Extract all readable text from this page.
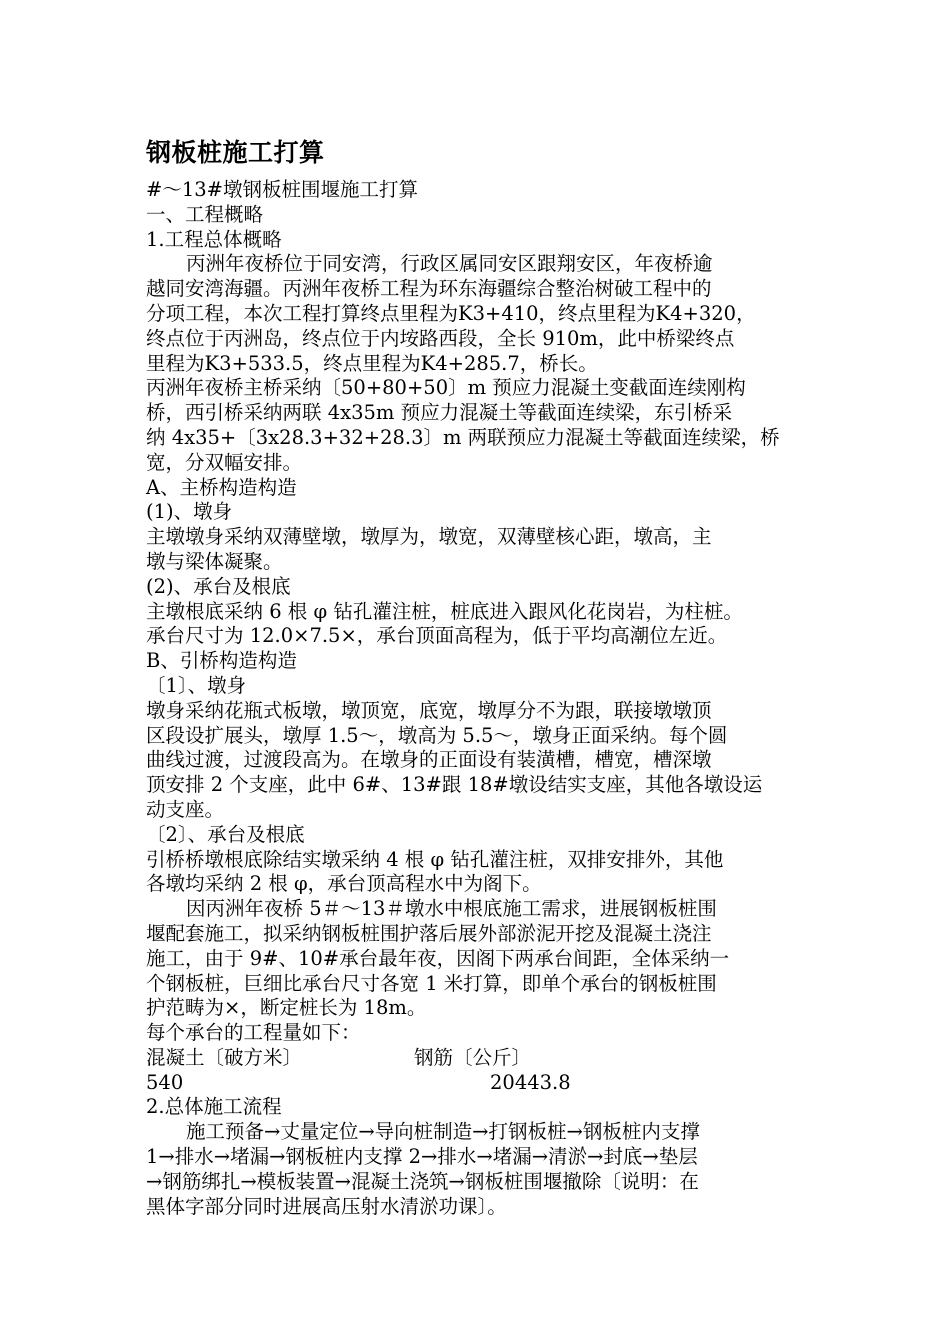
钢板桩施工打算

#～13#墩钢板桩围堰施工打算

一、工程概略

1.工程总体概略

丙洲年夜桥位于同安湾，行政区属同安区跟翔安区，年夜桥逾

越同安湾海疆。丙洲年夜桥工程为环东海疆综合整治树破工程中的

分项工程，本次工程打算终点里程为K3+410，终点里程为K4+320，

终点位于丙洲岛，终点位于内垵路西段，全长 910m，此中桥梁终点

里程为K3+533.5，终点里程为K4+285.7，桥长。

丙洲年夜桥主桥采纳〔50+80+50〕m 预应力混凝土变截面连续刚构

桥，西引桥采纳两联 4x35m 预应力混凝土等截面连续梁，东引桥采

纳 4x35+〔3x28.3+32+28.3〕m 两联预应力混凝土等截面连续梁，桥

宽，分双幅安排。

A、主桥构造构造

(1)、墩身

主墩墩身采纳双薄壁墩，墩厚为，墩宽，双薄壁核心距，墩高，主

墩与梁体凝聚。

(2)、承台及根底

主墩根底采纳 6 根 φ 钻孔灌注桩，桩底进入跟风化花岗岩，为柱桩。

承台尺寸为 12.0×7.5×，承台顶面高程为，低于平均高潮位左近。

B、引桥构造构造

〔1〕、墩身

墩身采纳花瓶式板墩，墩顶宽，底宽，墩厚分不为跟，联接墩墩顶

区段设扩展头，墩厚 1.5～，墩高为 5.5～，墩身正面采纳。每个圆

曲线过渡，过渡段高为。在墩身的正面设有装潢槽，槽宽，槽深墩

顶安排 2 个支座，此中 6#、13#跟 18#墩设结实支座，其他各墩设运

动支座。

〔2〕、承台及根底

引桥桥墩根底除结实墩采纳 4 根 φ 钻孔灌注桩，双排安排外，其他

各墩均采纳 2 根 φ，承台顶高程水中为阁下。

因丙洲年夜桥 5＃～13＃墩水中根底施工需求，进展钢板桩围

堰配套施工，拟采纳钢板桩围护落后展外部淤泥开挖及混凝土浇注

施工，由于 9#、10#承台最年夜，因阁下两承台间距，全体采纳一

个钢板桩，巨细比承台尺寸各宽 1 米打算，即单个承台的钢板桩围

护范畴为×，断定桩长为 18m。

每个承台的工程量如下：

混凝土〔破方米〕	钢筋〔公斤〕
540	20443.8

2.总体施工流程

施工预备→丈量定位→导向桩制造→打钢板桩→钢板桩内支撑

1→排水→堵漏→钢板桩内支撑 2→排水→堵漏→清淤→封底→垫层

→钢筋绑扎→模板装置→混凝土浇筑→钢板桩围堰撤除〔说明：在

黑体字部分同时进展高压射水清淤功课〕。
